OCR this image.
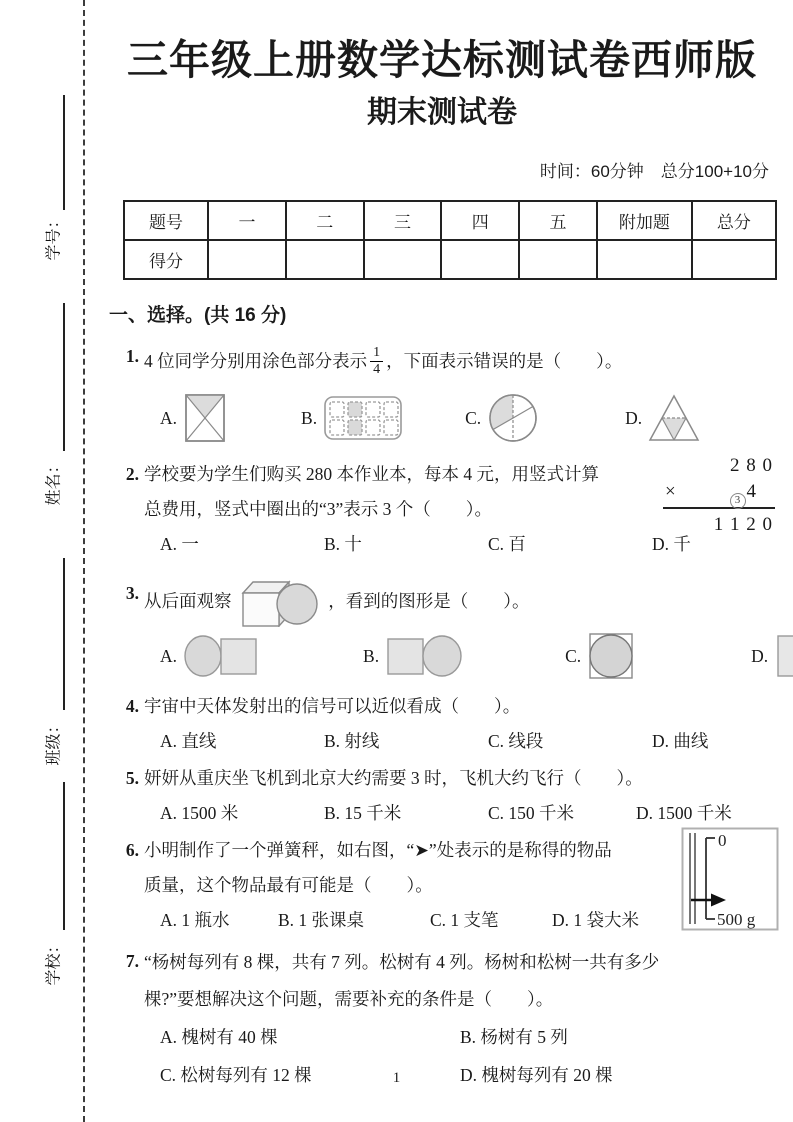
学号：
姓名：
班级：
学校：
三年级上册数学达标测试卷西师版
期末测试卷
时间：60分钟　总分100+10分
题号	一	二	三	四	五	附加题	总分
得分							
一、选择。(共 16 分)
1. 4 位同学分别用涂色部分表示 $\frac{1}{4}$ ，下面表示错误的是（　　）。
A.	B.	C.	D.
2.	2 8 0
×	3 4
1 1 2 0
学校要为学生们购买 280 本作业本，每本 4 元，用竖式计算
总费用，竖式中圈出的“3”表示 3 个（　　）。
A. 一	B. 十	C. 百	D. 千
3. 从后面观察	，看到的图形是（　　）。
A.	B.	C.	D.
4. 宇宙中天体发射出的信号可以近似看成（　　）。
A. 直线	B. 射线	C. 线段	D. 曲线
5. 妍妍从重庆坐飞机到北京大约需要 3 时，飞机大约飞行（　　）。
A. 1500 米	B. 15 千米	C. 150 千米	D. 1500 千米
6.	0
500 g
小明制作了一个弹簧秤，如右图，“➤”处表示的是称得的物品
质量，这个物品最有可能是（　　）。
A. 1 瓶水	B. 1 张课桌	C. 1 支笔	D. 1 袋大米
7. “杨树每列有 8 棵，共有 7 列。松树有 4 列。杨树和松树一共有多少
棵?”要想解决这个问题，需要补充的条件是（　　）。
A. 槐树有 40 棵	B. 杨树有 5 列
C. 松树每列有 12 棵	D. 槐树每列有 20 棵
1
